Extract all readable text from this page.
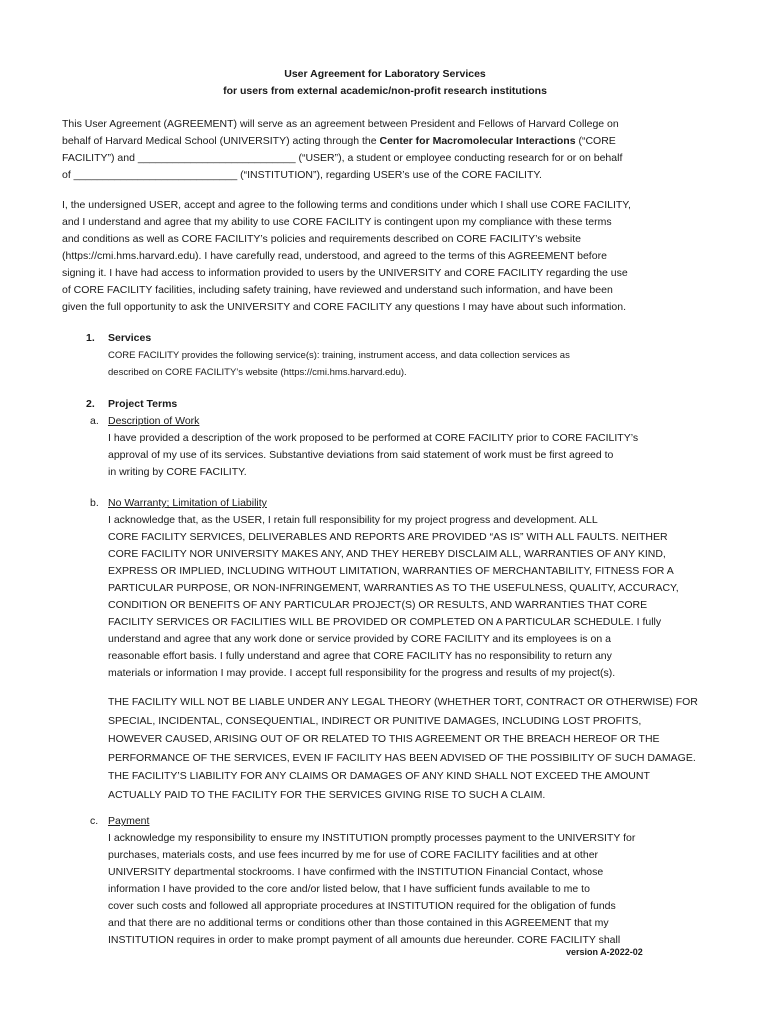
User Agreement for Laboratory Services
for users from external academic/non-profit research institutions
This User Agreement (AGREEMENT) will serve as an agreement between President and Fellows of Harvard College on
behalf of Harvard Medical School (UNIVERSITY) acting through the Center for Macromolecular Interactions (“CORE
FACILITY”) and ___________________________ (“USER”), a student or employee conducting research for or on behalf
of ____________________________ (“INSTITUTION”), regarding USER’s use of the CORE FACILITY.
I, the undersigned USER, accept and agree to the following terms and conditions under which I shall use CORE FACILITY,
and I understand and agree that my ability to use CORE FACILITY is contingent upon my compliance with these terms
and conditions as well as CORE FACILITY’s policies and requirements described on CORE FACILITY’s website
(https://cmi.hms.harvard.edu). I have carefully read, understood, and agreed to the terms of this AGREEMENT before
signing it. I have had access to information provided to users by the UNIVERSITY and CORE FACILITY regarding the use
of CORE FACILITY facilities, including safety training, have reviewed and understand such information, and have been
given the full opportunity to ask the UNIVERSITY and CORE FACILITY any questions I may have about such information.
1. Services
CORE FACILITY provides the following service(s): training, instrument access, and data collection services as
described on CORE FACILITY’s website (https://cmi.hms.harvard.edu).
2. Project Terms
a. Description of Work
I have provided a description of the work proposed to be performed at CORE FACILITY prior to CORE FACILITY’s
approval of my use of its services. Substantive deviations from said statement of work must be first agreed to
in writing by CORE FACILITY.
b. No Warranty; Limitation of Liability
I acknowledge that, as the USER, I retain full responsibility for my project progress and development. ALL
CORE FACILITY SERVICES, DELIVERABLES AND REPORTS ARE PROVIDED “AS IS” WITH ALL FAULTS. NEITHER
CORE FACILITY NOR UNIVERSITY MAKES ANY, AND THEY HEREBY DISCLAIM ALL, WARRANTIES OF ANY KIND,
EXPRESS OR IMPLIED, INCLUDING WITHOUT LIMITATION, WARRANTIES OF MERCHANTABILITY, FITNESS FOR A
PARTICULAR PURPOSE, OR NON-INFRINGEMENT, WARRANTIES AS TO THE USEFULNESS, QUALITY, ACCURACY,
CONDITION OR BENEFITS OF ANY PARTICULAR PROJECT(S) OR RESULTS, AND WARRANTIES THAT CORE
FACILITY SERVICES OR FACILITIES WILL BE PROVIDED OR COMPLETED ON A PARTICULAR SCHEDULE. I fully
understand and agree that any work done or service provided by CORE FACILITY and its employees is on a
reasonable effort basis. I fully understand and agree that CORE FACILITY has no responsibility to return any
materials or information I may provide. I accept full responsibility for the progress and results of my project(s).
THE FACILITY WILL NOT BE LIABLE UNDER ANY LEGAL THEORY (WHETHER TORT, CONTRACT OR OTHERWISE) FOR
SPECIAL, INCIDENTAL, CONSEQUENTIAL, INDIRECT OR PUNITIVE DAMAGES, INCLUDING LOST PROFITS,
HOWEVER CAUSED, ARISING OUT OF OR RELATED TO THIS AGREEMENT OR THE BREACH HEREOF OR THE
PERFORMANCE OF THE SERVICES, EVEN IF FACILITY HAS BEEN ADVISED OF THE POSSIBILITY OF SUCH DAMAGE.
THE FACILITY’S LIABILITY FOR ANY CLAIMS OR DAMAGES OF ANY KIND SHALL NOT EXCEED THE AMOUNT
ACTUALLY PAID TO THE FACILITY FOR THE SERVICES GIVING RISE TO SUCH A CLAIM.
c. Payment
I acknowledge my responsibility to ensure my INSTITUTION promptly processes payment to the UNIVERSITY for
purchases, materials costs, and use fees incurred by me for use of CORE FACILITY facilities and at other
UNIVERSITY departmental stockrooms. I have confirmed with the INSTITUTION Financial Contact, whose
information I have provided to the core and/or listed below, that I have sufficient funds available to me to
cover such costs and followed all appropriate procedures at INSTITUTION required for the obligation of funds
and that there are no additional terms or conditions other than those contained in this AGREEMENT that my
INSTITUTION requires in order to make prompt payment of all amounts due hereunder. CORE FACILITY shall
version A-2022-02
